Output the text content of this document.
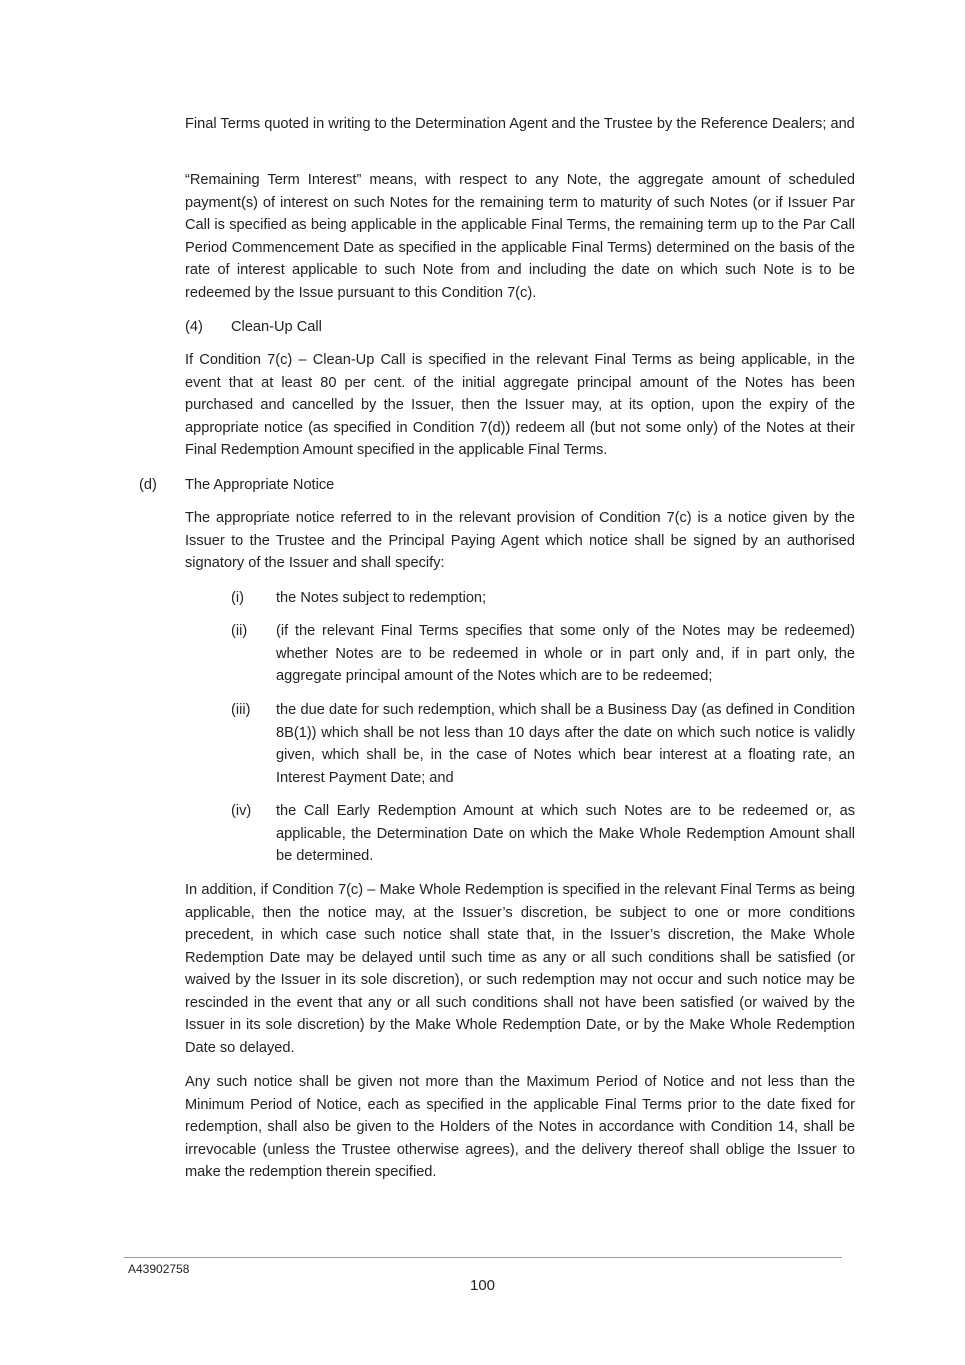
Final Terms quoted in writing to the Determination Agent and the Trustee by the Reference Dealers; and

“Remaining Term Interest” means, with respect to any Note, the aggregate amount of scheduled payment(s) of interest on such Notes for the remaining term to maturity of such Notes (or if Issuer Par Call is specified as being applicable in the applicable Final Terms, the remaining term up to the Par Call Period Commencement Date as specified in the applicable Final Terms) determined on the basis of the rate of interest applicable to such Note from and including the date on which such Note is to be redeemed by the Issue pursuant to this Condition 7(c).

(4) Clean-Up Call

If Condition 7(c) – Clean-Up Call is specified in the relevant Final Terms as being applicable, in the event that at least 80 per cent. of the initial aggregate principal amount of the Notes has been purchased and cancelled by the Issuer, then the Issuer may, at its option, upon the expiry of the appropriate notice (as specified in Condition 7(d)) redeem all (but not some only) of the Notes at their Final Redemption Amount specified in the applicable Final Terms.

(d) The Appropriate Notice

The appropriate notice referred to in the relevant provision of Condition 7(c) is a notice given by the Issuer to the Trustee and the Principal Paying Agent which notice shall be signed by an authorised signatory of the Issuer and shall specify:

(i) the Notes subject to redemption;

(ii) (if the relevant Final Terms specifies that some only of the Notes may be redeemed) whether Notes are to be redeemed in whole or in part only and, if in part only, the aggregate principal amount of the Notes which are to be redeemed;

(iii) the due date for such redemption, which shall be a Business Day (as defined in Condition 8B(1)) which shall be not less than 10 days after the date on which such notice is validly given, which shall be, in the case of Notes which bear interest at a floating rate, an Interest Payment Date; and

(iv) the Call Early Redemption Amount at which such Notes are to be redeemed or, as applicable, the Determination Date on which the Make Whole Redemption Amount shall be determined.

In addition, if Condition 7(c) – Make Whole Redemption is specified in the relevant Final Terms as being applicable, then the notice may, at the Issuer’s discretion, be subject to one or more conditions precedent, in which case such notice shall state that, in the Issuer’s discretion, the Make Whole Redemption Date may be delayed until such time as any or all such conditions shall be satisfied (or waived by the Issuer in its sole discretion), or such redemption may not occur and such notice may be rescinded in the event that any or all such conditions shall not have been satisfied (or waived by the Issuer in its sole discretion) by the Make Whole Redemption Date, or by the Make Whole Redemption Date so delayed.

Any such notice shall be given not more than the Maximum Period of Notice and not less than the Minimum Period of Notice, each as specified in the applicable Final Terms prior to the date fixed for redemption, shall also be given to the Holders of the Notes in accordance with Condition 14, shall be irrevocable (unless the Trustee otherwise agrees), and the delivery thereof shall oblige the Issuer to make the redemption therein specified.

A43902758
100
